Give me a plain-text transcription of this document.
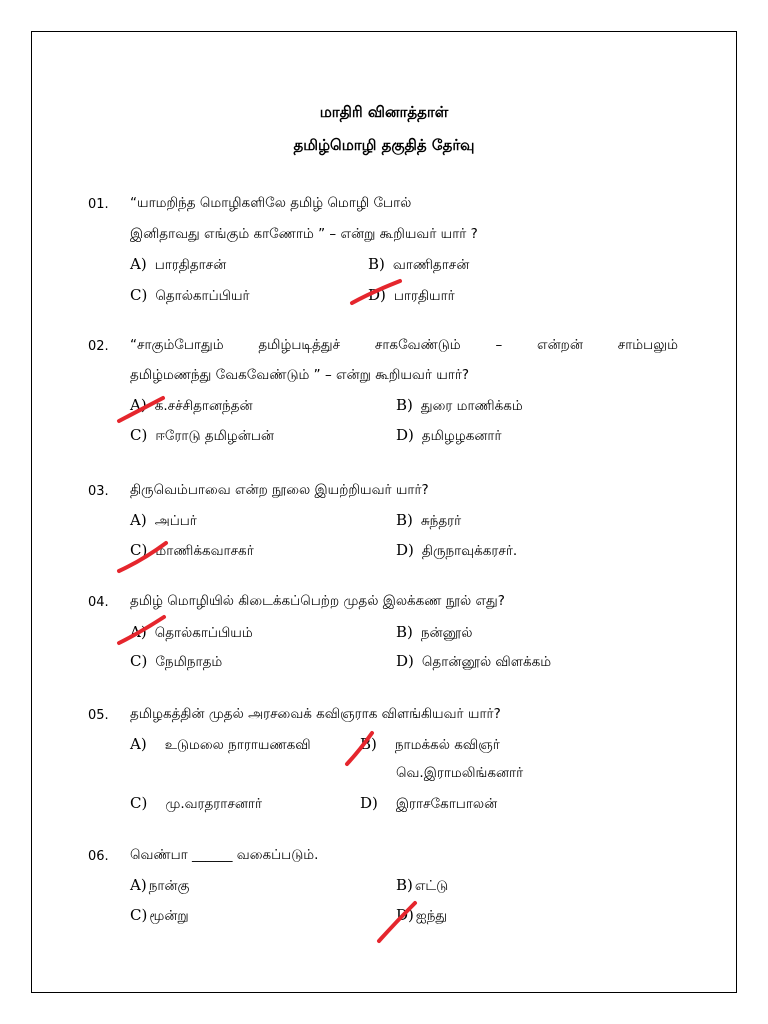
மாதிரி வினாத்தாள்
தமிழ்மொழி தகுதித் தேர்வு
01. “யாமறிந்த மொழிகளிலே தமிழ் மொழி போல்
இனிதாவது எங்கும் காணோம் ” – என்று கூறியவர் யார் ?
A) பாரதிதாசன்	B) வாணிதாசன்
C) தொல்காப்பியர்	D) பாரதியார்
02. “சாகும்போதும் தமிழ்படித்துச் சாகவேண்டும் – என்றன் சாம்பலும்
தமிழ்மணந்து வேகவேண்டும் ” – என்று கூறியவர் யார்?
A) க.சச்சிதானந்தன்	B) துரை மாணிக்கம்
C) ஈரோடு தமிழன்பன்	D) தமிழழகனார்
03. திருவெம்பாவை என்ற நூலை இயற்றியவர் யார்?
A) அப்பர்	B) சுந்தரர்
C) மாணிக்கவாசகர்	D) திருநாவுக்கரசர்.
04. தமிழ் மொழியில் கிடைக்கப்பெற்ற முதல் இலக்கண நூல் எது?
A) தொல்காப்பியம்	B) நன்னூல்
C) நேமிநாதம்	D) தொன்னூல் விளக்கம்
05. தமிழகத்தின் முதல் அரசவைக் கவிஞராக விளங்கியவர் யார்?
A) உடுமலை நாராயணகவி	B) நாமக்கல் கவிஞர்
வெ.இராமலிங்கனார்
C) மு.வரதராசனார்	D) இராசகோபாலன்
06. வெண்பா ______ வகைப்படும்.
A) நான்கு	B) எட்டு
C) மூன்று	D) ஐந்து
